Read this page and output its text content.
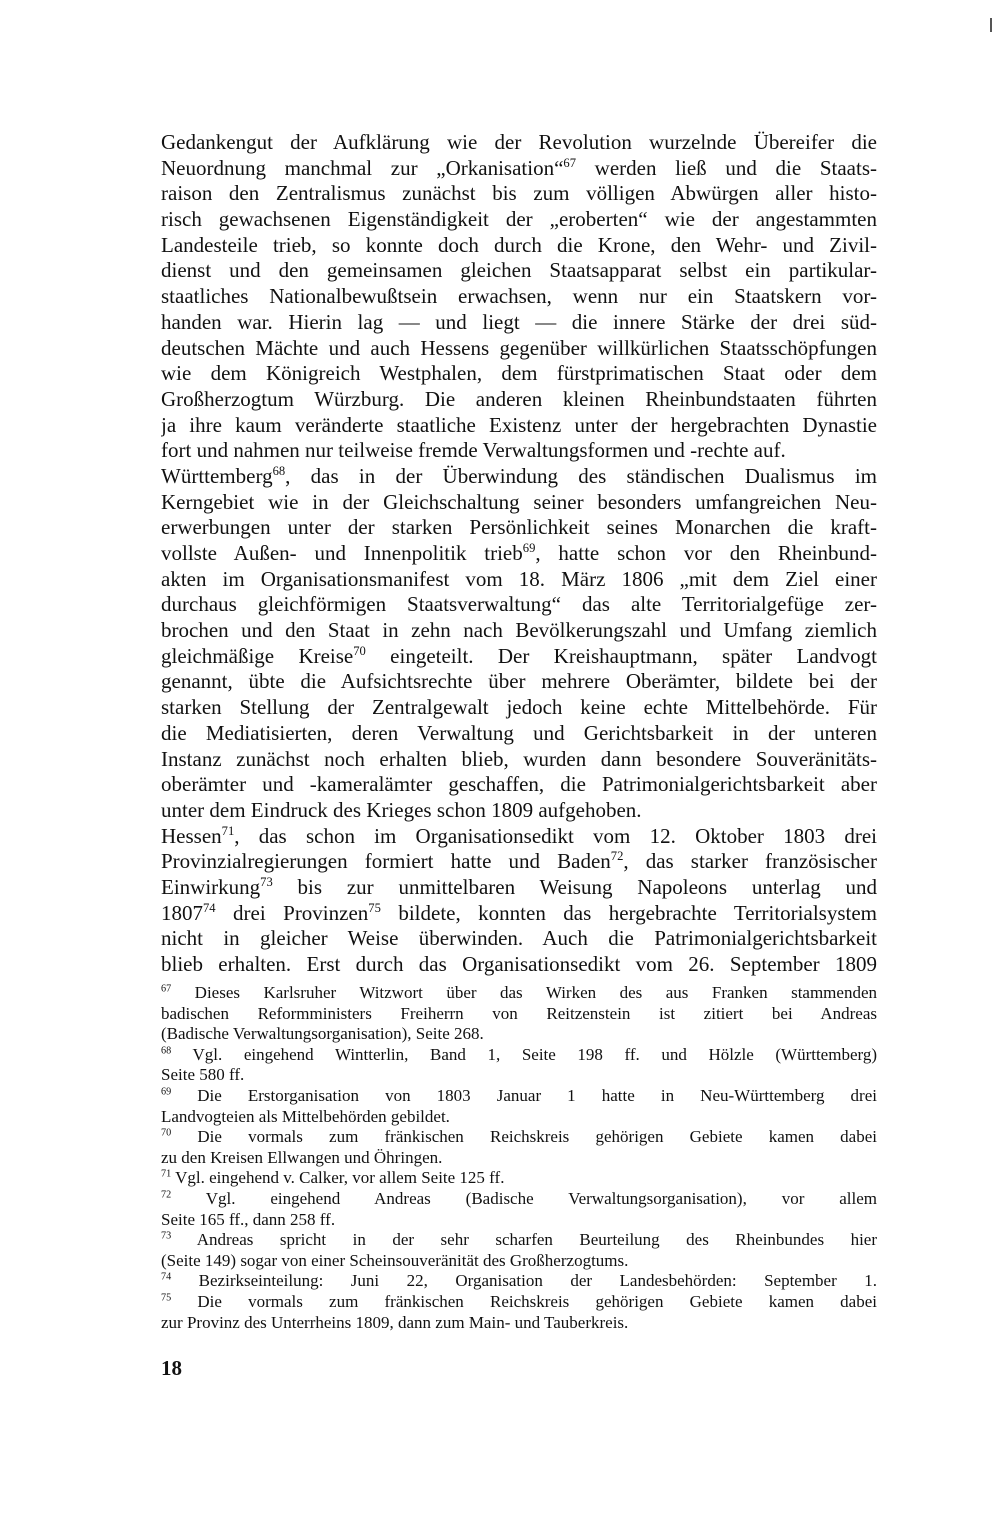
Gedankengut der Aufklärung wie der Revolution wurzelnde Übereifer die
Neuordnung manchmal zur „Orkanisation“$^{67}$ werden ließ und die Staats-
raison den Zentralismus zunächst bis zum völligen Abwürgen aller histo-
risch gewachsenen Eigenständigkeit der „eroberten“ wie der angestammten
Landesteile trieb, so konnte doch durch die Krone, den Wehr- und Zivil-
dienst und den gemeinsamen gleichen Staatsapparat selbst ein partikular-
staatliches Nationalbewußtsein erwachsen, wenn nur ein Staatskern vor-
handen war. Hierin lag — und liegt — die innere Stärke der drei süd-
deutschen Mächte und auch Hessens gegenüber willkürlichen Staatsschöpfungen
wie dem Königreich Westphalen, dem fürstprimatischen Staat oder dem
Großherzogtum Würzburg. Die anderen kleinen Rheinbundstaaten führten
ja ihre kaum veränderte staatliche Existenz unter der hergebrachten Dynastie
fort und nahmen nur teilweise fremde Verwaltungsformen und -rechte auf.
Württemberg$^{68}$, das in der Überwindung des ständischen Dualismus im
Kerngebiet wie in der Gleichschaltung seiner besonders umfangreichen Neu-
erwerbungen unter der starken Persönlichkeit seines Monarchen die kraft-
vollste Außen- und Innenpolitik trieb$^{69}$, hatte schon vor den Rheinbund-
akten im Organisationsmanifest vom 18. März 1806 „mit dem Ziel einer
durchaus gleichförmigen Staatsverwaltung“ das alte Territorialgefüge zer-
brochen und den Staat in zehn nach Bevölkerungszahl und Umfang ziemlich
gleichmäßige Kreise$^{70}$ eingeteilt. Der Kreishauptmann, später Landvogt
genannt, übte die Aufsichtsrechte über mehrere Oberämter, bildete bei der
starken Stellung der Zentralgewalt jedoch keine echte Mittelbehörde. Für
die Mediatisierten, deren Verwaltung und Gerichtsbarkeit in der unteren
Instanz zunächst noch erhalten blieb, wurden dann besondere Souveränitäts-
oberämter und -kameralämter geschaffen, die Patrimonialgerichtsbarkeit aber
unter dem Eindruck des Krieges schon 1809 aufgehoben.
Hessen$^{71}$, das schon im Organisationsedikt vom 12. Oktober 1803 drei
Provinzialregierungen formiert hatte und Baden$^{72}$, das starker französischer
Einwirkung$^{73}$ bis zur unmittelbaren Weisung Napoleons unterlag und
1807$^{74}$ drei Provinzen$^{75}$ bildete, konnten das hergebrachte Territorialsystem
nicht in gleicher Weise überwinden. Auch die Patrimonialgerichtsbarkeit
blieb erhalten. Erst durch das Organisationsedikt vom 26. September 1809
$^{67}$ Dieses Karlsruher Witzwort über das Wirken des aus Franken stammenden
badischen Reformministers Freiherrn von Reitzenstein ist zitiert bei Andreas
(Badische Verwaltungsorganisation), Seite 268.
$^{68}$ Vgl. eingehend Wintterlin, Band 1, Seite 198 ff. und Hölzle (Württemberg)
Seite 580 ff.
$^{69}$ Die Erstorganisation von 1803 Januar 1 hatte in Neu-Württemberg drei
Landvogteien als Mittelbehörden gebildet.
$^{70}$ Die vormals zum fränkischen Reichskreis gehörigen Gebiete kamen dabei
zu den Kreisen Ellwangen und Öhringen.
$^{71}$ Vgl. eingehend v. Calker, vor allem Seite 125 ff.
$^{72}$ Vgl. eingehend Andreas (Badische Verwaltungsorganisation), vor allem
Seite 165 ff., dann 258 ff.
$^{73}$ Andreas spricht in der sehr scharfen Beurteilung des Rheinbundes hier
(Seite 149) sogar von einer Scheinsouveränität des Großherzogtums.
$^{74}$ Bezirkseinteilung: Juni 22, Organisation der Landesbehörden: September 1.
$^{75}$ Die vormals zum fränkischen Reichskreis gehörigen Gebiete kamen dabei
zur Provinz des Unterrheins 1809, dann zum Main- und Tauberkreis.
18
